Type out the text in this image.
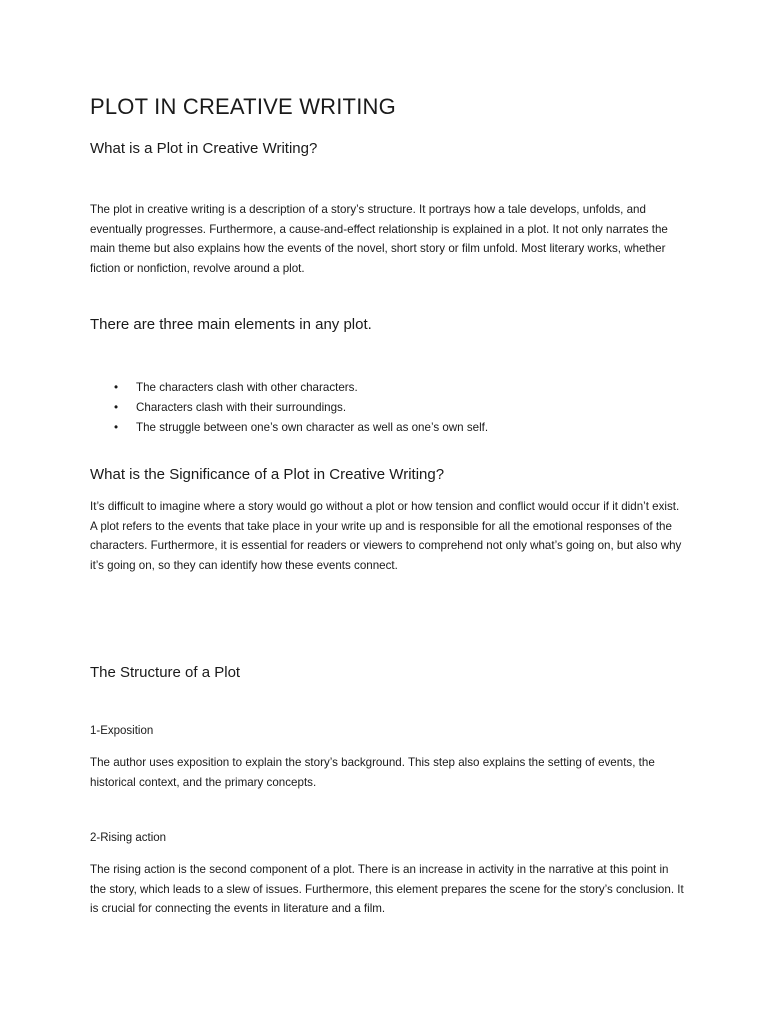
PLOT IN CREATIVE WRITING
What is a Plot in Creative Writing?

The plot in creative writing is a description of a story’s structure. It portrays how a tale develops, unfolds, and eventually progresses. Furthermore, a cause-and-effect relationship is explained in a plot. It not only narrates the main theme but also explains how the events of the novel, short story or film unfold. Most literary works, whether fiction or nonfiction, revolve around a plot.

There are three main elements in any plot.
• The characters clash with other characters.
• Characters clash with their surroundings.
• The struggle between one’s own character as well as one’s own self.
What is the Significance of a Plot in Creative Writing?

It’s difficult to imagine where a story would go without a plot or how tension and conflict would occur if it didn’t exist. A plot refers to the events that take place in your write up and is responsible for all the emotional responses of the characters. Furthermore, it is essential for readers or viewers to comprehend not only what’s going on, but also why it’s going on, so they can identify how these events connect.

The Structure of a Plot
1-Exposition

The author uses exposition to explain the story’s background. This step also explains the setting of events, the historical context, and the primary concepts.

2-Rising action

The rising action is the second component of a plot. There is an increase in activity in the narrative at this point in the story, which leads to a slew of issues. Furthermore, this element prepares the scene for the story’s conclusion. It is crucial for connecting the events in literature and a film.
